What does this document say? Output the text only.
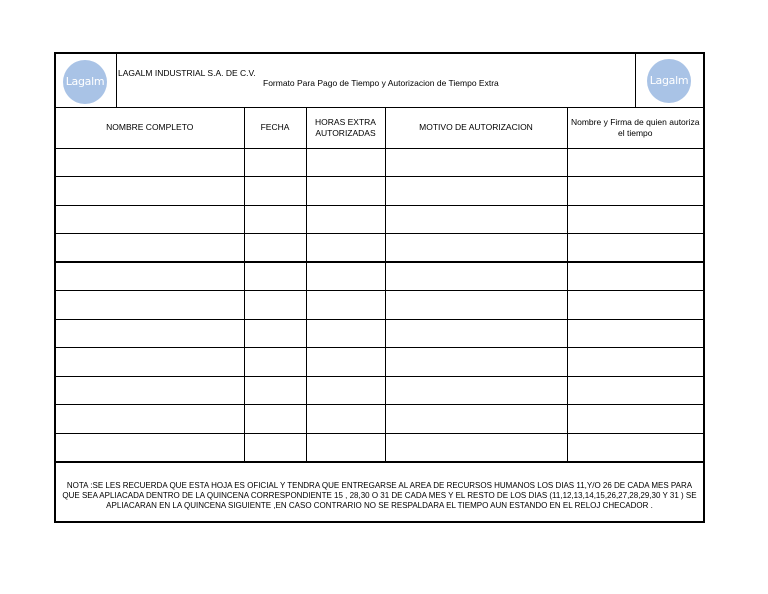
Lagalm
LAGALM INDUSTRIAL S.A. DE C.V.
Formato Para Pago de Tiempo y Autorizacion de Tiempo Extra	Lagalm
NOMBRE COMPLETO	FECHA	HORAS EXTRA AUTORIZADAS	MOTIVO DE AUTORIZACION	Nombre y Firma de quien autoriza el tiempo

NOTA :SE LES RECUERDA QUE ESTA HOJA ES OFICIAL Y TENDRA QUE ENTREGARSE AL AREA DE RECURSOS HUMANOS LOS DIAS 11,Y/O 26 DE CADA MES PARA QUE SEA APLIACADA DENTRO DE LA QUINCENA CORRESPONDIENTE 15 , 28,30 O 31 DE CADA MES Y EL RESTO DE LOS DIAS (11,12,13,14,15,26,27,28,29,30 Y 31 ) SE APLIACARAN EN LA QUINCENA SIGUIENTE ,EN CASO CONTRARIO NO SE RESPALDARA EL TIEMPO AUN ESTANDO EN EL RELOJ CHECADOR .
